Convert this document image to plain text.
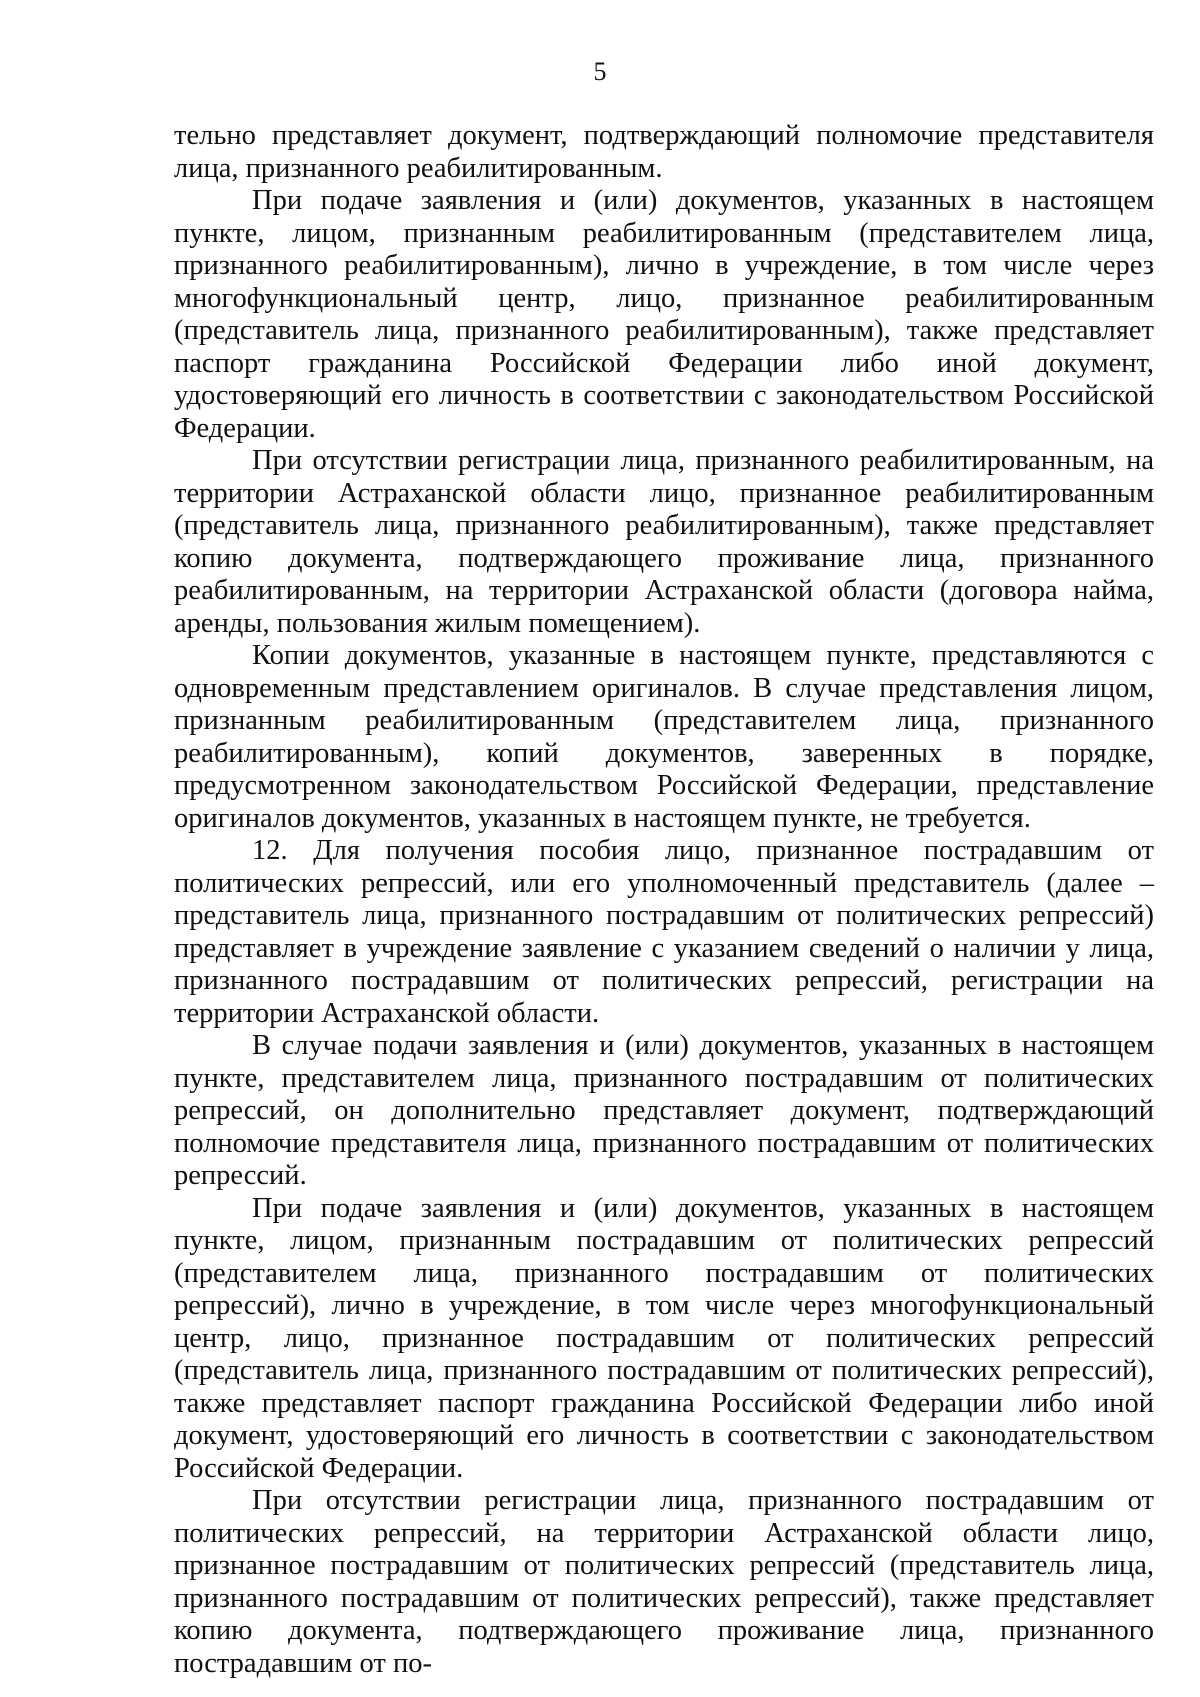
5

тельно представляет документ, подтверждающий полномочие представителя лица, признанного реабилитированным.

При подаче заявления и (или) документов, указанных в настоящем пункте, лицом, признанным реабилитированным (представителем лица, признанного реабилитированным), лично в учреждение, в том числе через многофункциональный центр, лицо, признанное реабилитированным (представитель лица, признанного реабилитированным), также представляет паспорт гражданина Российской Федерации либо иной документ, удостоверяющий его личность в соответствии с законодательством Российской Федерации.

При отсутствии регистрации лица, признанного реабилитированным, на территории Астраханской области лицо, признанное реабилитированным (представитель лица, признанного реабилитированным), также представляет копию документа, подтверждающего проживание лица, признанного реабилитированным, на территории Астраханской области (договора найма, аренды, пользования жилым помещением).

Копии документов, указанные в настоящем пункте, представляются с одновременным представлением оригиналов. В случае представления лицом, признанным реабилитированным (представителем лица, признанного реабилитированным), копий документов, заверенных в порядке, предусмотренном законодательством Российской Федерации, представление оригиналов документов, указанных в настоящем пункте, не требуется.

12. Для получения пособия лицо, признанное пострадавшим от политических репрессий, или его уполномоченный представитель (далее – представитель лица, признанного пострадавшим от политических репрессий) представляет в учреждение заявление с указанием сведений о наличии у лица, признанного пострадавшим от политических репрессий, регистрации на территории Астраханской области.

В случае подачи заявления и (или) документов, указанных в настоящем пункте, представителем лица, признанного пострадавшим от политических репрессий, он дополнительно представляет документ, подтверждающий полномочие представителя лица, признанного пострадавшим от политических репрессий.

При подаче заявления и (или) документов, указанных в настоящем пункте, лицом, признанным пострадавшим от политических репрессий (представителем лица, признанного пострадавшим от политических репрессий), лично в учреждение, в том числе через многофункциональный центр, лицо, признанное пострадавшим от политических репрессий (представитель лица, признанного пострадавшим от политических репрессий), также представляет паспорт гражданина Российской Федерации либо иной документ, удостоверяющий его личность в соответствии с законодательством Российской Федерации.

При отсутствии регистрации лица, признанного пострадавшим от политических репрессий, на территории Астраханской области лицо, признанное пострадавшим от политических репрессий (представитель лица, признанного пострадавшим от политических репрессий), также представляет копию документа, подтверждающего проживание лица, признанного пострадавшим от по-
